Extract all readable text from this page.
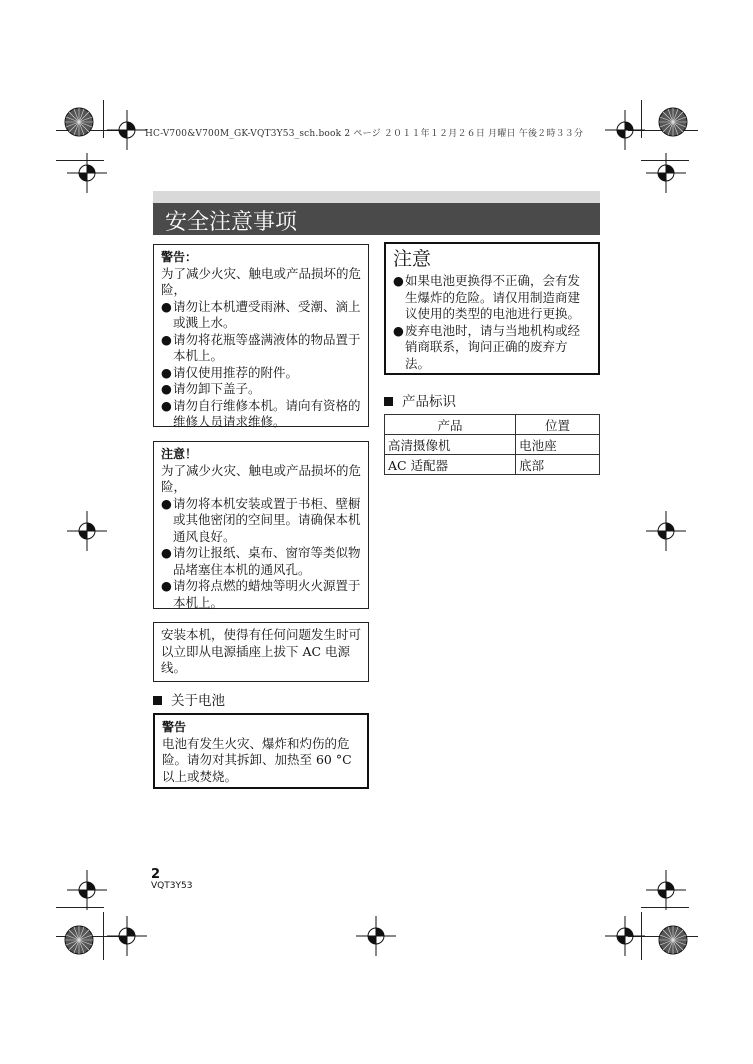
HC-V700&V700M_GK-VQT3Y53_sch.book 2 ページ ２０１１年１２月２６日 月曜日 午後２時３３分
安全注意事项
警告：
为了减少火灾、触电或产品损坏的危险，
● 请勿让本机遭受雨淋、受潮、滴上或溅上水。
● 请勿将花瓶等盛满液体的物品置于本机上。
● 请仅使用推荐的附件。
● 请勿卸下盖子。
● 请勿自行维修本机。请向有资格的维修人员请求维修。
注意！
为了减少火灾、触电或产品损坏的危险，
● 请勿将本机安装或置于书柜、壁橱或其他密闭的空间里。请确保本机通风良好。
● 请勿让报纸、桌布、窗帘等类似物品堵塞住本机的通风孔。
● 请勿将点燃的蜡烛等明火火源置于本机上。
安装本机，使得有任何问题发生时可以立即从电源插座上拔下 AC 电源线。
关于电池
警告
电池有发生火灾、爆炸和灼伤的危险。请勿对其拆卸、加热至 60 °C 以上或焚烧。
注意
● 如果电池更换得不正确，会有发生爆炸的危险。请仅用制造商建议使用的类型的电池进行更换。
● 废弃电池时，请与当地机构或经销商联系，询问正确的废弃方法。
产品标识
产品	位置
高清摄像机	电池座
AC 适配器	底部
2
VQT3Y53
